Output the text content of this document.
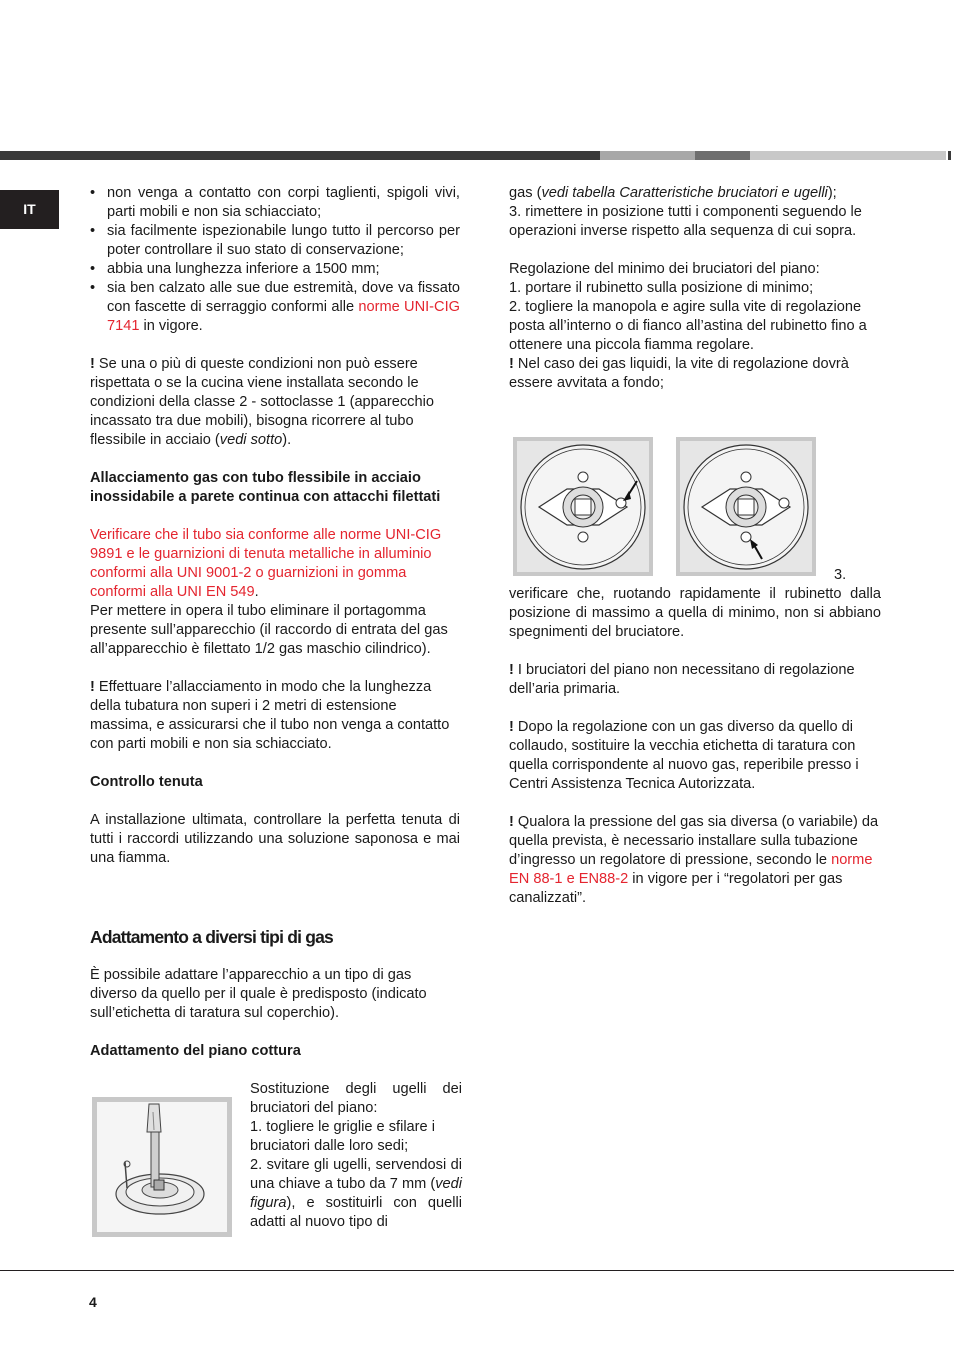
IT
• non venga a contatto con corpi taglienti, spigoli vivi, parti mobili e non sia schiacciato;
• sia facilmente ispezionabile lungo tutto il percorso per poter controllare il suo stato di conservazione;
• abbia una lunghezza inferiore a 1500 mm;
• sia ben calzato alle sue due estremità, dove va fissato con fascette di serraggio conformi alle norme UNI-CIG 7141 in vigore.

! Se una o più di queste condizioni non può essere rispettata o se la cucina viene installata secondo le condizioni della classe 2 - sottoclasse 1 (apparecchio incassato tra due mobili), bisogna ricorrere al tubo flessibile in acciaio (vedi sotto).

Allacciamento gas con tubo flessibile in acciaio inossidabile a parete continua con attacchi filettati

Verificare che il tubo sia conforme alle norme UNI-CIG 9891 e le guarnizioni di tenuta metalliche in alluminio conformi alla UNI 9001-2 o guarnizioni in gomma conformi alla UNI EN 549.

Per mettere in opera il tubo eliminare il portagomma presente sull’apparecchio (il raccordo di entrata del gas all’apparecchio è filettato 1/2 gas maschio cilindrico).

! Effettuare l’allacciamento in modo che la lunghezza della tubatura non superi i 2 metri di estensione massima, e assicurarsi che il tubo non venga a contatto con parti mobili e non sia schiacciato.

Controllo tenuta

A installazione ultimata, controllare la perfetta tenuta di tutti i raccordi utilizzando una soluzione saponosa e mai una fiamma.

Adattamento a diversi tipi di gas

È possibile adattare l’apparecchio a un tipo di gas diverso da quello per il quale è predisposto (indicato sull’etichetta di taratura sul coperchio).

Adattamento del piano cottura

Sostituzione degli ugelli dei bruciatori del piano:

1. togliere le griglie e sfilare i bruciatori dalle loro sedi;

2. svitare gli ugelli, servendosi di una chiave a tubo da 7 mm (vedi figura), e sostituirli con quelli adatti al nuovo tipo di

gas (vedi tabella Caratteristiche bruciatori e ugelli);

3. rimettere in posizione tutti i componenti seguendo le operazioni inverse rispetto alla sequenza di cui sopra.

Regolazione del minimo dei bruciatori del piano:

1. portare il rubinetto sulla posizione di minimo;

2. togliere la manopola e agire sulla vite di regolazione posta all’interno o di fianco all’astina del rubinetto fino a ottenere una piccola fiamma regolare.

! Nel caso dei gas liquidi, la vite di regolazione dovrà essere avvitata a fondo;

3.

verificare che, ruotando rapidamente il rubinetto dalla posizione di massimo a quella di minimo, non si abbiano spegnimenti del bruciatore.

! I bruciatori del piano non necessitano di regolazione dell’aria primaria.

! Dopo la regolazione con un gas diverso da quello di collaudo, sostituire la vecchia etichetta di taratura con quella corrispondente al nuovo gas, reperibile presso i Centri Assistenza Tecnica Autorizzata.

! Qualora la pressione del gas sia diversa (o variabile) da quella prevista, è necessario installare sulla tubazione d’ingresso un regolatore di pressione, secondo le norme EN 88-1 e EN88-2 in vigore per i “regolatori per gas canalizzati”.

4
